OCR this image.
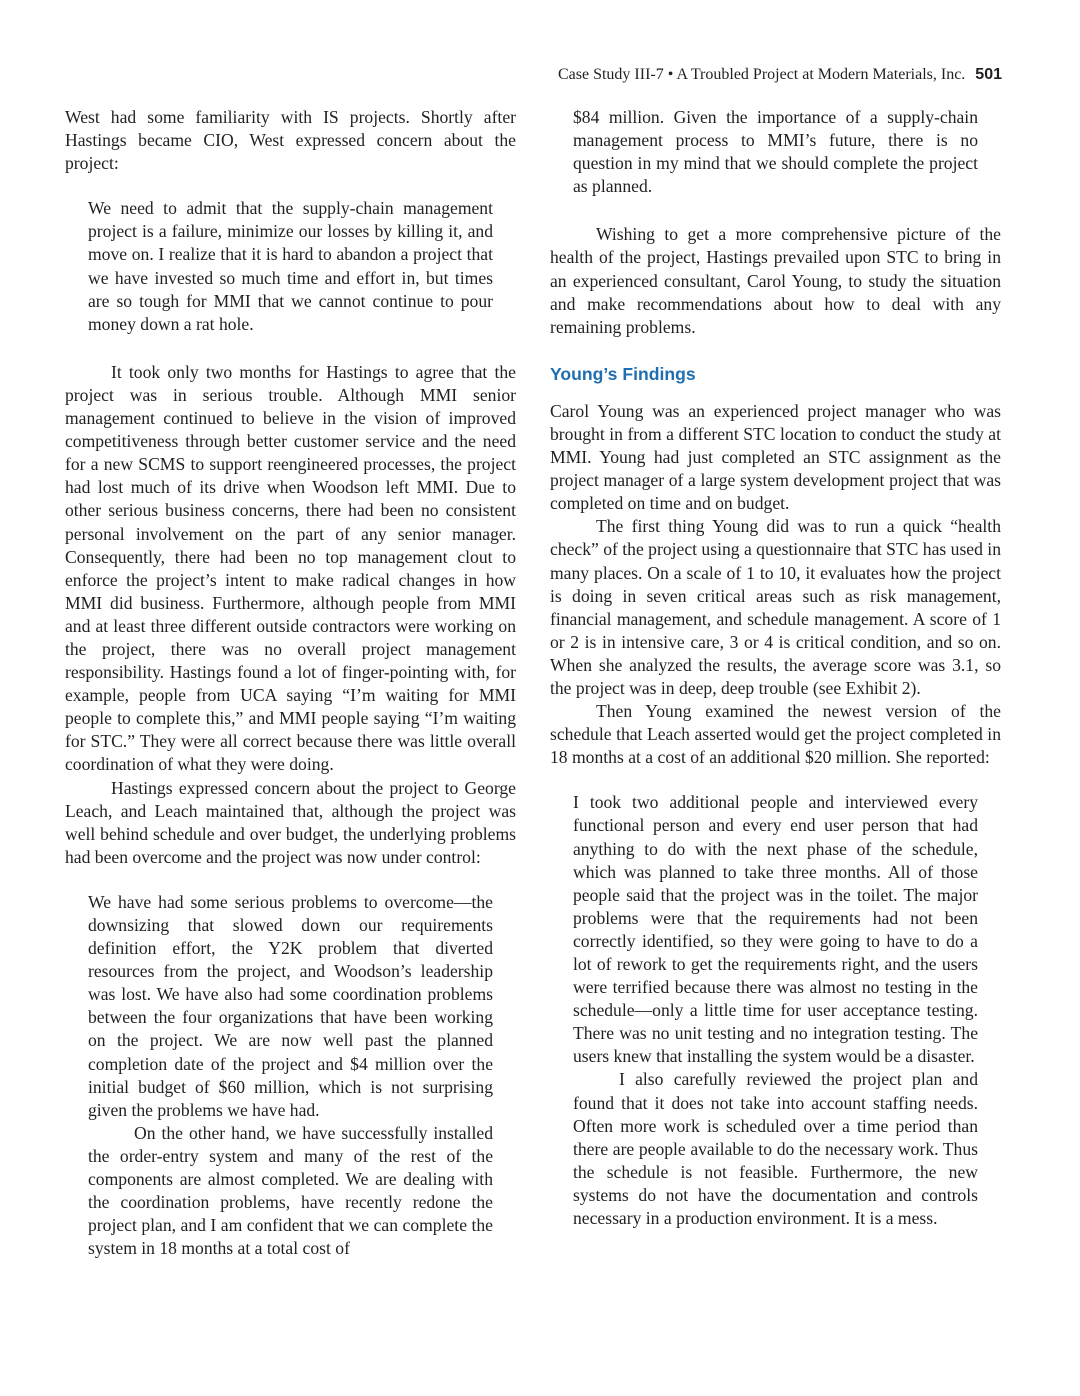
Case Study III-7 • A Troubled Project at Modern Materials, Inc. 501

West had some familiarity with IS projects. Shortly after Hastings became CIO, West expressed concern about the project:

We need to admit that the supply-chain management project is a failure, minimize our losses by killing it, and move on. I realize that it is hard to abandon a project that we have invested so much time and effort in, but times are so tough for MMI that we cannot continue to pour money down a rat hole.

It took only two months for Hastings to agree that the project was in serious trouble. Although MMI senior management continued to believe in the vision of improved competitiveness through better customer service and the need for a new SCMS to support reengineered processes, the project had lost much of its drive when Woodson left MMI. Due to other serious business concerns, there had been no consistent personal involvement on the part of any senior manager. Consequently, there had been no top management clout to enforce the project’s intent to make radical changes in how MMI did business. Furthermore, although people from MMI and at least three different outside contractors were working on the project, there was no overall project management responsibility. Hastings found a lot of finger-pointing with, for example, people from UCA saying “I’m waiting for MMI people to complete this,” and MMI people saying “I’m waiting for STC.” They were all correct because there was little overall coordination of what they were doing.

Hastings expressed concern about the project to George Leach, and Leach maintained that, although the project was well behind schedule and over budget, the underlying problems had been overcome and the project was now under control:

We have had some serious problems to overcome—the downsizing that slowed down our requirements definition effort, the Y2K problem that diverted resources from the project, and Woodson’s leadership was lost. We have also had some coordination problems between the four organizations that have been working on the project. We are now well past the planned completion date of the project and $4 million over the initial budget of $60 million, which is not surprising given the problems we have had.

On the other hand, we have successfully installed the order-entry system and many of the rest of the components are almost completed. We are dealing with the coordination problems, have recently redone the project plan, and I am confident that we can complete the system in 18 months at a total cost of

$84 million. Given the importance of a supply-chain management process to MMI’s future, there is no question in my mind that we should complete the project as planned.

Wishing to get a more comprehensive picture of the health of the project, Hastings prevailed upon STC to bring in an experienced consultant, Carol Young, to study the situation and make recommendations about how to deal with any remaining problems.

Young’s Findings

Carol Young was an experienced project manager who was brought in from a different STC location to conduct the study at MMI. Young had just completed an STC assignment as the project manager of a large system development project that was completed on time and on budget.

The first thing Young did was to run a quick “health check” of the project using a questionnaire that STC has used in many places. On a scale of 1 to 10, it evaluates how the project is doing in seven critical areas such as risk management, financial management, and schedule management. A score of 1 or 2 is in intensive care, 3 or 4 is critical condition, and so on. When she analyzed the results, the average score was 3.1, so the project was in deep, deep trouble (see Exhibit 2).

Then Young examined the newest version of the schedule that Leach asserted would get the project completed in 18 months at a cost of an additional $20 million. She reported:

I took two additional people and interviewed every functional person and every end user person that had anything to do with the next phase of the schedule, which was planned to take three months. All of those people said that the project was in the toilet. The major problems were that the requirements had not been correctly identified, so they were going to have to do a lot of rework to get the requirements right, and the users were terrified because there was almost no testing in the schedule—only a little time for user acceptance testing. There was no unit testing and no integration testing. The users knew that installing the system would be a disaster.

I also carefully reviewed the project plan and found that it does not take into account staffing needs. Often more work is scheduled over a time period than there are people available to do the necessary work. Thus the schedule is not feasible. Furthermore, the new systems do not have the documentation and controls necessary in a production environment. It is a mess.
